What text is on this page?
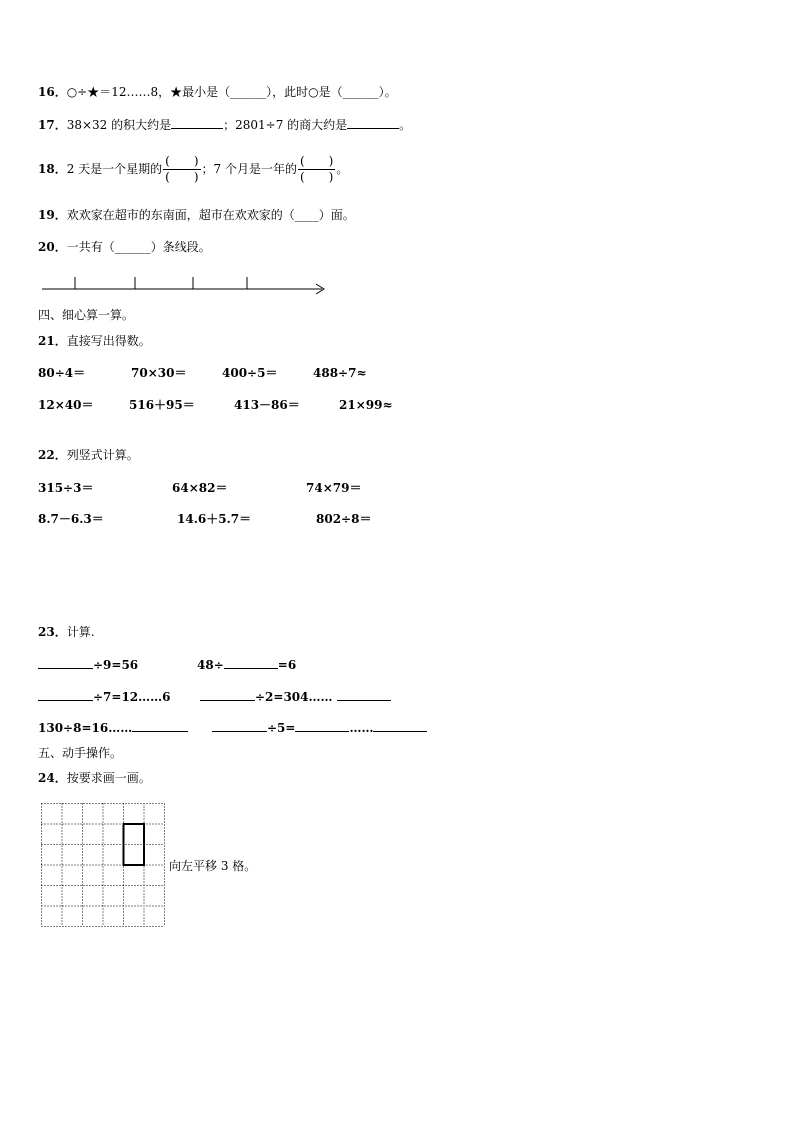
16．○÷★＝12……8，★最小是（______），此时○是（______）。
17．38×32 的积大约是	；2801÷7 的商大约是	。
18．2 天是一个星期的 $\frac{( )}{( )}$ ；7 个月是一年的 $\frac{( )}{( )}$ 。
19．欢欢家在超市的东南面，超市在欢欢家的（____）面。
20．一共有（______）条线段。
四、细心算一算。
21．直接写出得数。
80÷4＝	70×30＝	400÷5＝	488÷7≈
12×40＝	516＋95＝	413－86＝	21×99≈
22．列竖式计算。
315÷3＝	64×82＝	74×79＝
8.7－6.3＝	14.6＋5.7＝	802÷8＝
23．计算.
÷9=56	48÷	=6
÷7=12……6	÷2=304……
130÷8=16……	÷5=	……
五、动手操作。
24．按要求画一画。
向左平移 3 格。
